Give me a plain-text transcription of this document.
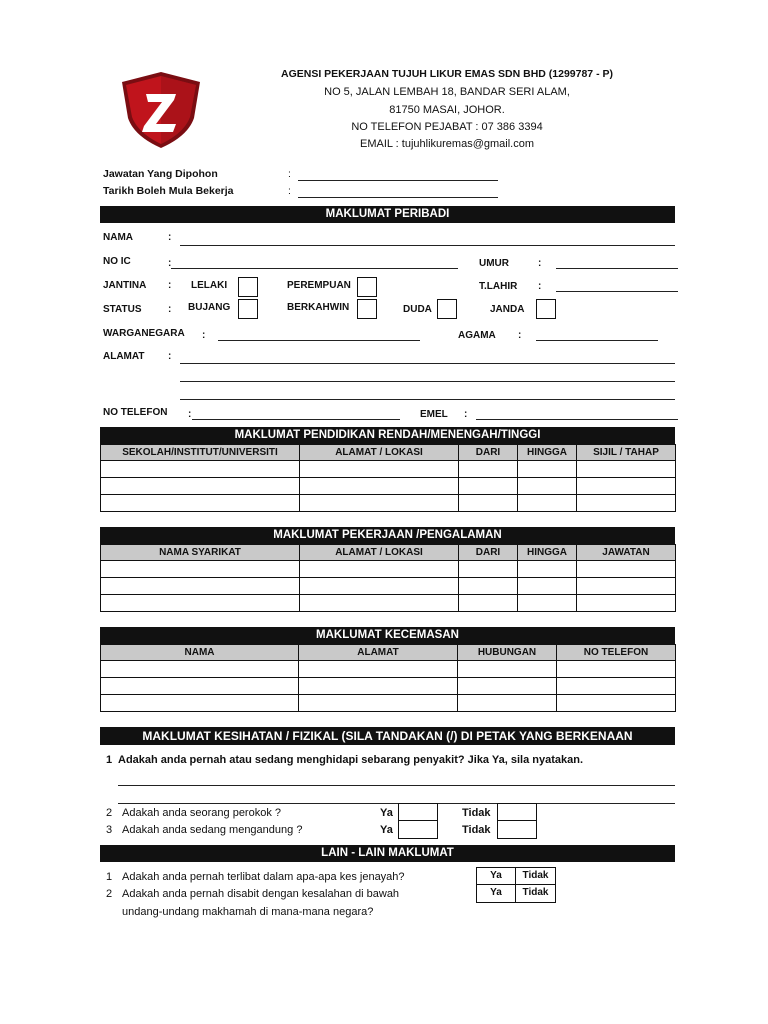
AGENSI PEKERJAAN TUJUH LIKUR EMAS SDN BHD (1299787 - P)
NO 5, JALAN LEMBAH 18, BANDAR SERI ALAM,
81750 MASAI, JOHOR.
NO TELEFON PEJABAT : 07 386 3394
EMAIL : tujuhlikuremas@gmail.com
Jawatan Yang Dipohon	:
Tarikh Boleh Mula Bekerja	:
MAKLUMAT PERIBADI
NAMA	:
NO IC	:	UMUR	:
JANTINA : LELAKI	PEREMPUAN	T.LAHIR :
STATUS	: BUJANG	BERKAHWIN	DUDA	JANDA
WARGANEGARA :	AGAMA :
ALAMAT :
NO TELEFON :	EMEL :
MAKLUMAT PENDIDIKAN RENDAH/MENENGAH/TINGGI
SEKOLAH/INSTITUT/UNIVERSITI	ALAMAT / LOKASI	DARI	HINGGA	SIJIL / TAHAP

MAKLUMAT PEKERJAAN /PENGALAMAN
NAMA SYARIKAT	ALAMAT / LOKASI	DARI	HINGGA	JAWATAN

MAKLUMAT KECEMASAN
NAMA	ALAMAT	HUBUNGAN	NO TELEFON

MAKLUMAT KESIHATAN / FIZIKAL (SILA TANDAKAN (/) DI PETAK YANG BERKENAAN
1 Adakah anda pernah atau sedang menghidapi sebarang penyakit? Jika Ya, sila nyatakan.
2 Adakah anda seorang perokok ?	Ya	Tidak
3 Adakah anda sedang mengandung ?	Ya	Tidak
LAIN - LAIN MAKLUMAT
1 Adakah anda pernah terlibat dalam apa-apa kes jenayah?	Ya	Tidak
2 Adakah anda pernah disabit dengan kesalahan di bawah
undang-undang makhamah di mana-mana negara?
Ya	Tidak
